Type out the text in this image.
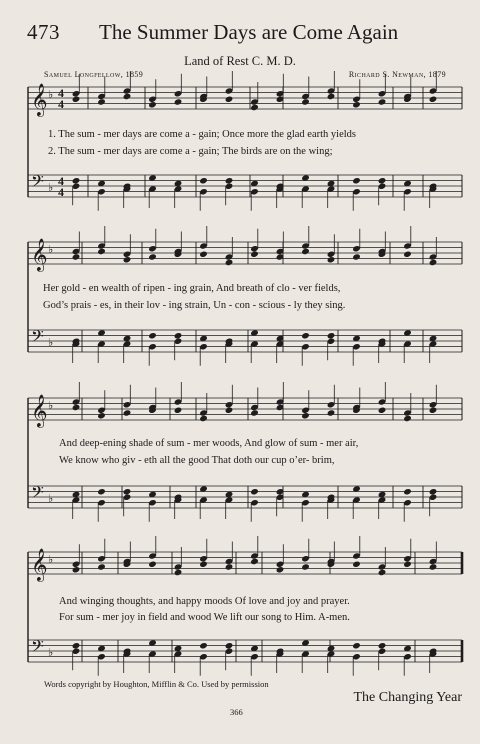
473 The Summer Days are Come Again
Land of Rest C. M. D.
Samuel Longfellow, 1859	Richard S. Newman, 1879
𝄞 ♭ 4
4
𝄢 ♭ 4
4
𝄞 ♭
𝄢 ♭
𝄞 ♭
𝄢 ♭
𝄞 ♭
𝄢 ♭
1. The sum - mer days are come a - gain; Once more the glad earth yields
2. The sum - mer days are come a - gain; The birds are on the wing;
Her gold - en wealth of ripen - ing grain, And breath of clo - ver fields,
God’s prais - es, in their lov - ing strain, Un - con - scious - ly they sing.
And deep-ening shade of sum - mer woods, And glow of sum - mer air,
We know who giv - eth all the good That doth our cup o’er- brim,
And winging thoughts, and happy moods Of love and joy and prayer.
For sum - mer joy in field and wood We lift our song to Him. A-men.
Words copyright by Houghton, Mifflin & Co. Used by permission
366
The Changing Year
